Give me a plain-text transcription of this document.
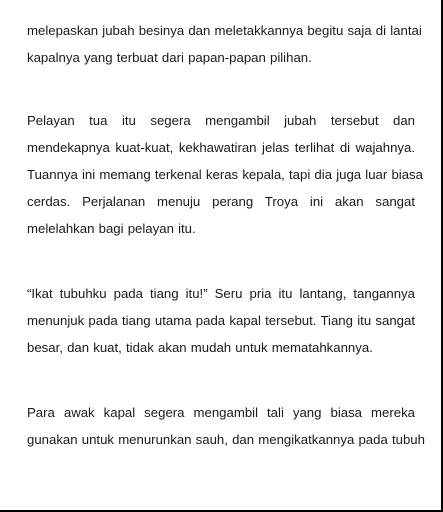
melepaskan jubah besinya dan meletakkannya begitu saja di lantai
kapalnya yang terbuat dari papan-papan pilihan.

Pelayan tua itu segera mengambil jubah tersebut dan
mendekapnya kuat-kuat, kekhawatiran jelas terlihat di wajahnya.
Tuannya ini memang terkenal keras kepala, tapi dia juga luar biasa
cerdas. Perjalanan menuju perang Troya ini akan sangat
melelahkan bagi pelayan itu.

“Ikat tubuhku pada tiang itu!” Seru pria itu lantang, tangannya
menunjuk pada tiang utama pada kapal tersebut. Tiang itu sangat
besar, dan kuat, tidak akan mudah untuk mematahkannya.

Para awak kapal segera mengambil tali yang biasa mereka
gunakan untuk menurunkan sauh, dan mengikatkannya pada tubuh
